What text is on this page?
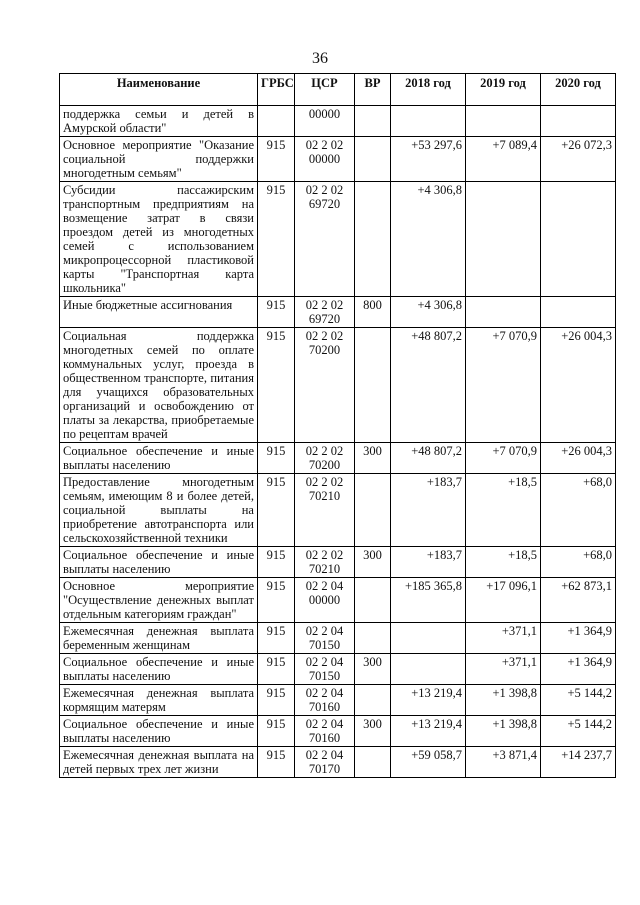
36
Наименование	ГРБС	ЦСР	ВР	2018 год	2019 год	2020 год
поддержка семьи и детей в Амурской области"		00000				
Основное мероприятие "Оказание социальной поддержки многодетным семьям"	915	02 2 02 00000		+53 297,6	+7 089,4	+26 072,3
Субсидии пассажирским транспортным предприятиям на возмещение затрат в связи проездом детей из многодетных семей с использованием микропроцессорной пластиковой карты "Транспортная карта школьника"	915	02 2 02 69720		+4 306,8		
Иные бюджетные ассигнования	915	02 2 02 69720	800	+4 306,8		
Социальная поддержка многодетных семей по оплате коммунальных услуг, проезда в общественном транспорте, питания для учащихся образовательных организаций и освобождению от платы за лекарства, приобретаемые по рецептам врачей	915	02 2 02 70200		+48 807,2	+7 070,9	+26 004,3
Социальное обеспечение и иные выплаты населению	915	02 2 02 70200	300	+48 807,2	+7 070,9	+26 004,3
Предоставление многодетным семьям, имеющим 8 и более детей, социальной выплаты на приобретение автотранспорта или сельскохозяйственной техники	915	02 2 02 70210		+183,7	+18,5	+68,0
Социальное обеспечение и иные выплаты населению	915	02 2 02 70210	300	+183,7	+18,5	+68,0
Основное мероприятие "Осуществление денежных выплат отдельным категориям граждан"	915	02 2 04 00000		+185 365,8	+17 096,1	+62 873,1
Ежемесячная денежная выплата беременным женщинам	915	02 2 04 70150			+371,1	+1 364,9
Социальное обеспечение и иные выплаты населению	915	02 2 04 70150	300		+371,1	+1 364,9
Ежемесячная денежная выплата кормящим матерям	915	02 2 04 70160		+13 219,4	+1 398,8	+5 144,2
Социальное обеспечение и иные выплаты населению	915	02 2 04 70160	300	+13 219,4	+1 398,8	+5 144,2
Ежемесячная денежная выплата на детей первых трех лет жизни	915	02 2 04 70170		+59 058,7	+3 871,4	+14 237,7
